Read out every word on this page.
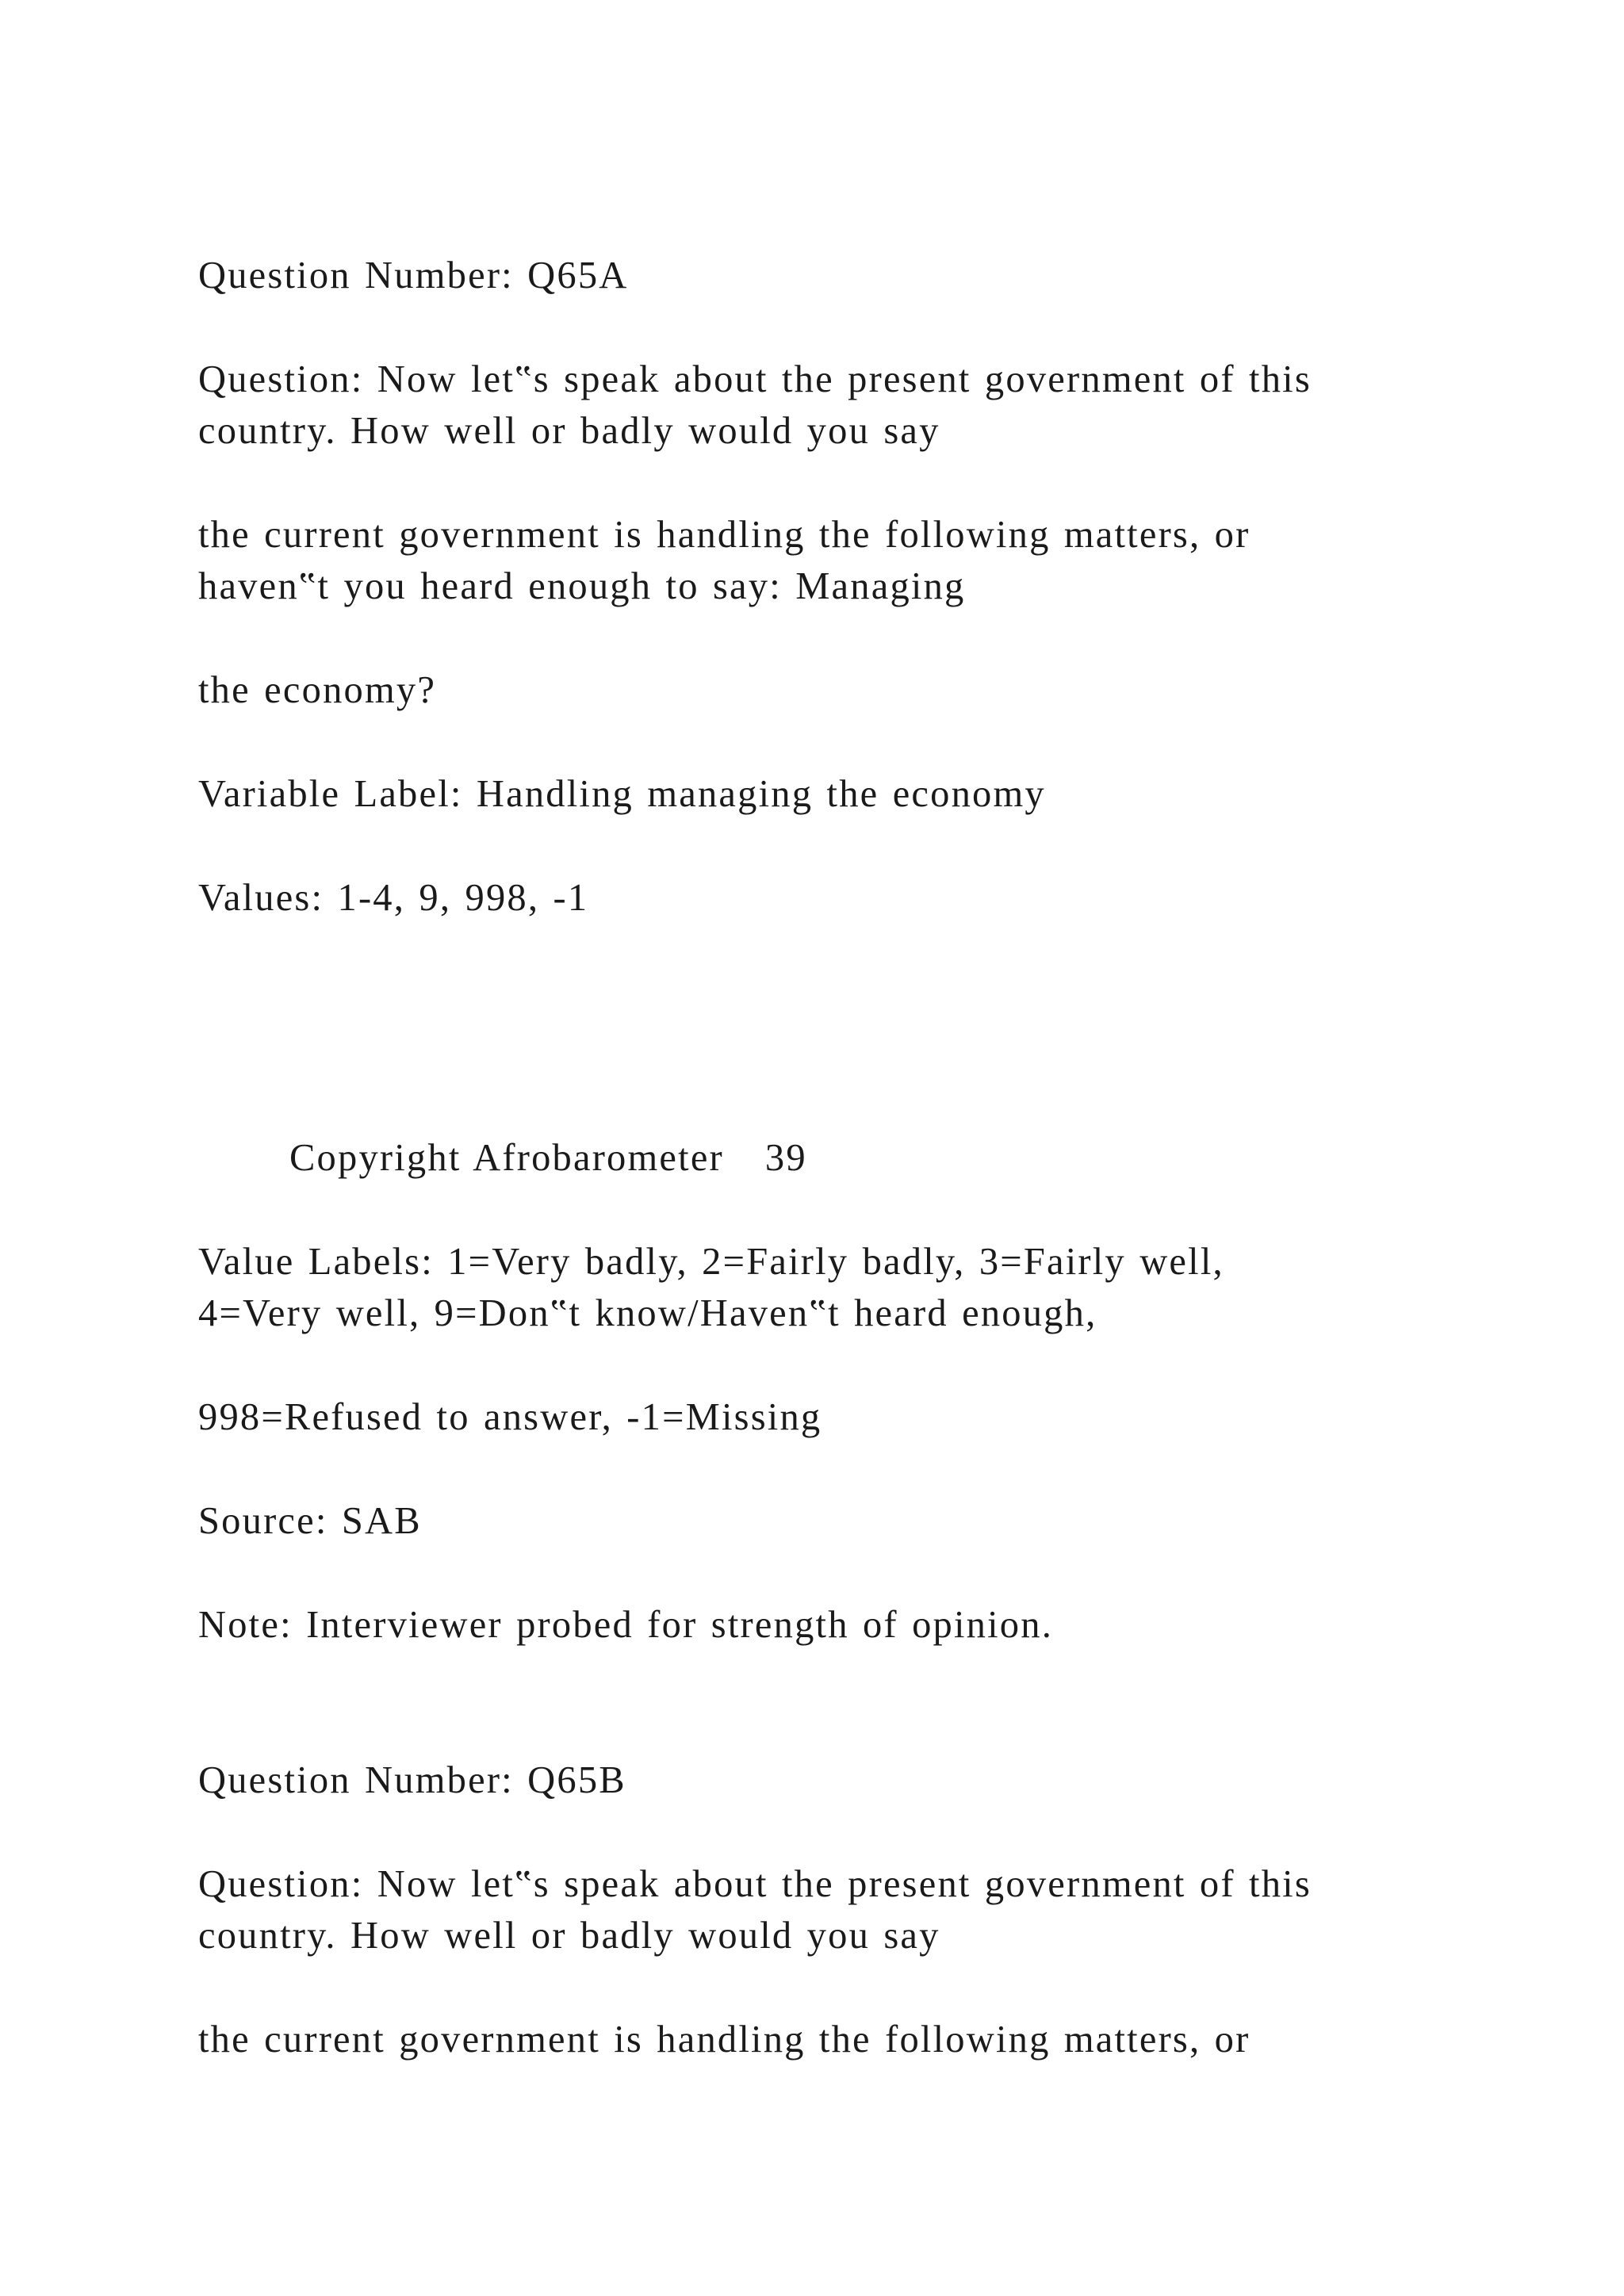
Question Number: Q65A

Question: Now let‟s speak about the present government of this

country. How well or badly would you say

the current government is handling the following matters, or

haven‟t you heard enough to say: Managing

the economy?

Variable Label: Handling managing the economy

Values: 1-4, 9, 998, -1

Copyright Afrobarometer   39

Value Labels: 1=Very badly, 2=Fairly badly, 3=Fairly well,

4=Very well, 9=Don‟t know/Haven‟t heard enough,

998=Refused to answer, -1=Missing

Source: SAB

Note: Interviewer probed for strength of opinion.

Question Number: Q65B

Question: Now let‟s speak about the present government of this

country. How well or badly would you say

the current government is handling the following matters, or
